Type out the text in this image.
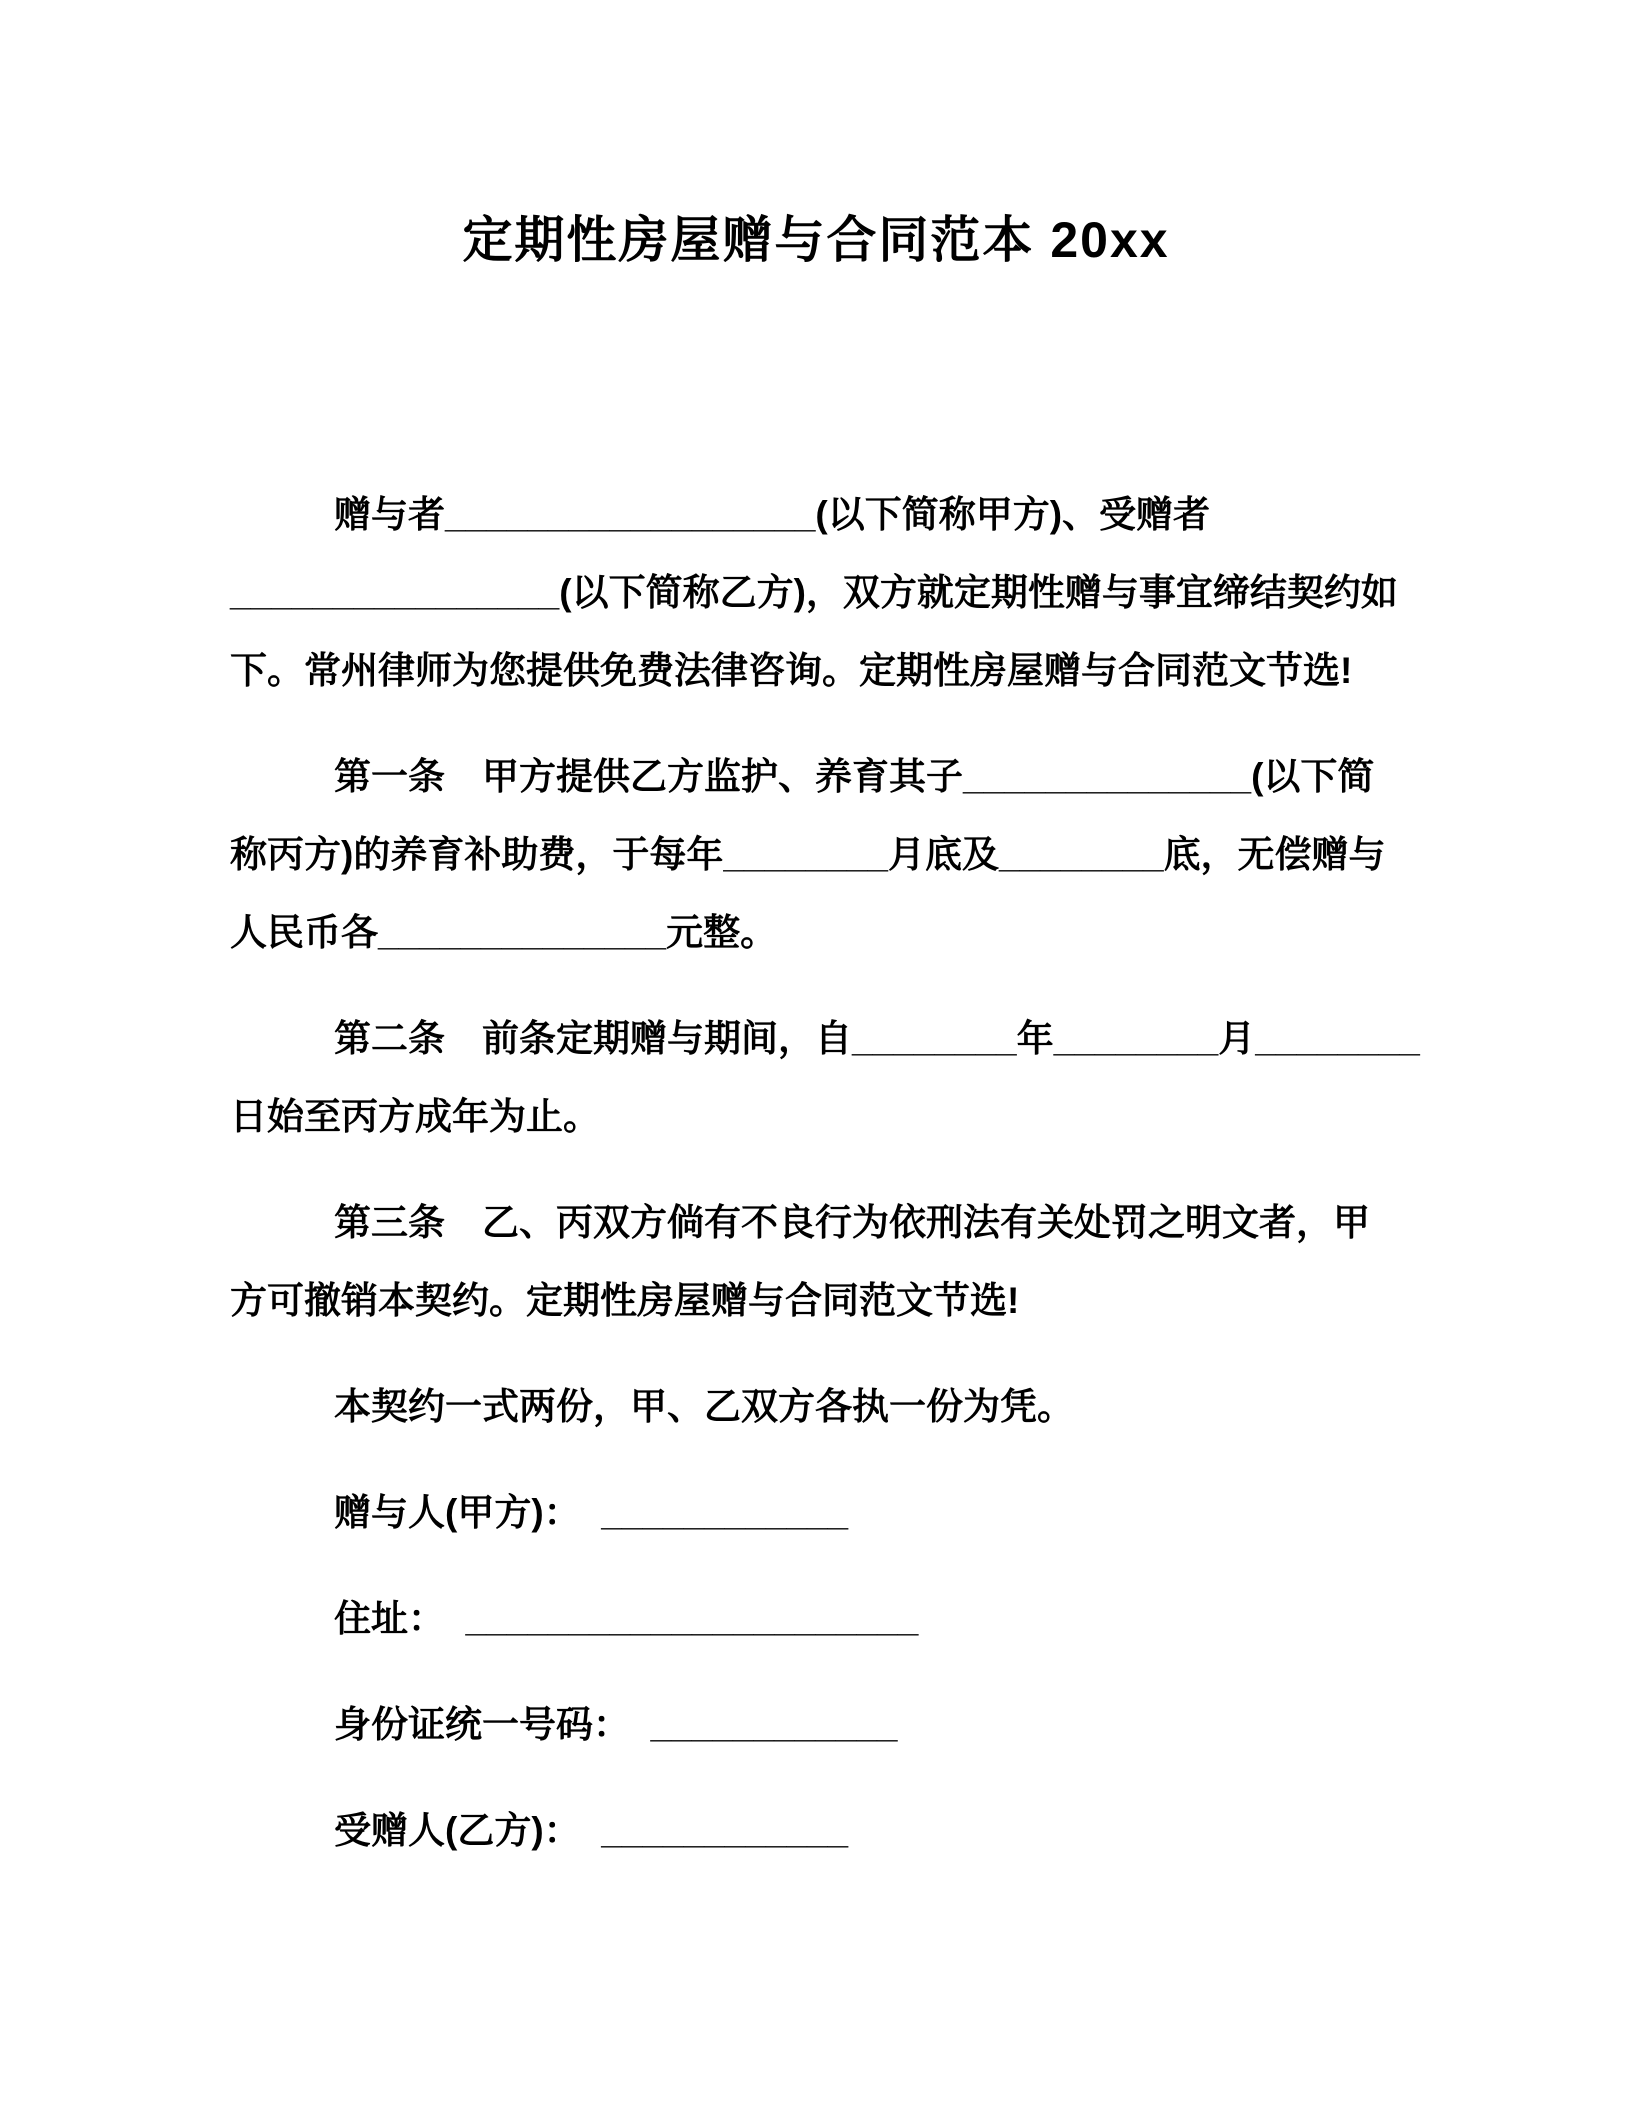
定期性房屋赠与合同范本 20xx
赠与者__________________(以下简称甲方)、受赠者
________________(以下简称乙方)，双方就定期性赠与事宜缔结契约如
下。常州律师为您提供免费法律咨询。定期性房屋赠与合同范文节选!
第一条　甲方提供乙方监护、养育其子______________(以下简
称丙方)的养育补助费，于每年________月底及________底，无偿赠与
人民币各______________元整。
第二条　前条定期赠与期间，自________年________月________
日始至丙方成年为止。
第三条　乙、丙双方倘有不良行为依刑法有关处罚之明文者，甲
方可撤销本契约。定期性房屋赠与合同范文节选!
本契约一式两份，甲、乙双方各执一份为凭。
赠与人(甲方)：  ____________
住址：  ______________________
身份证统一号码：  ____________
受赠人(乙方)：  ____________
